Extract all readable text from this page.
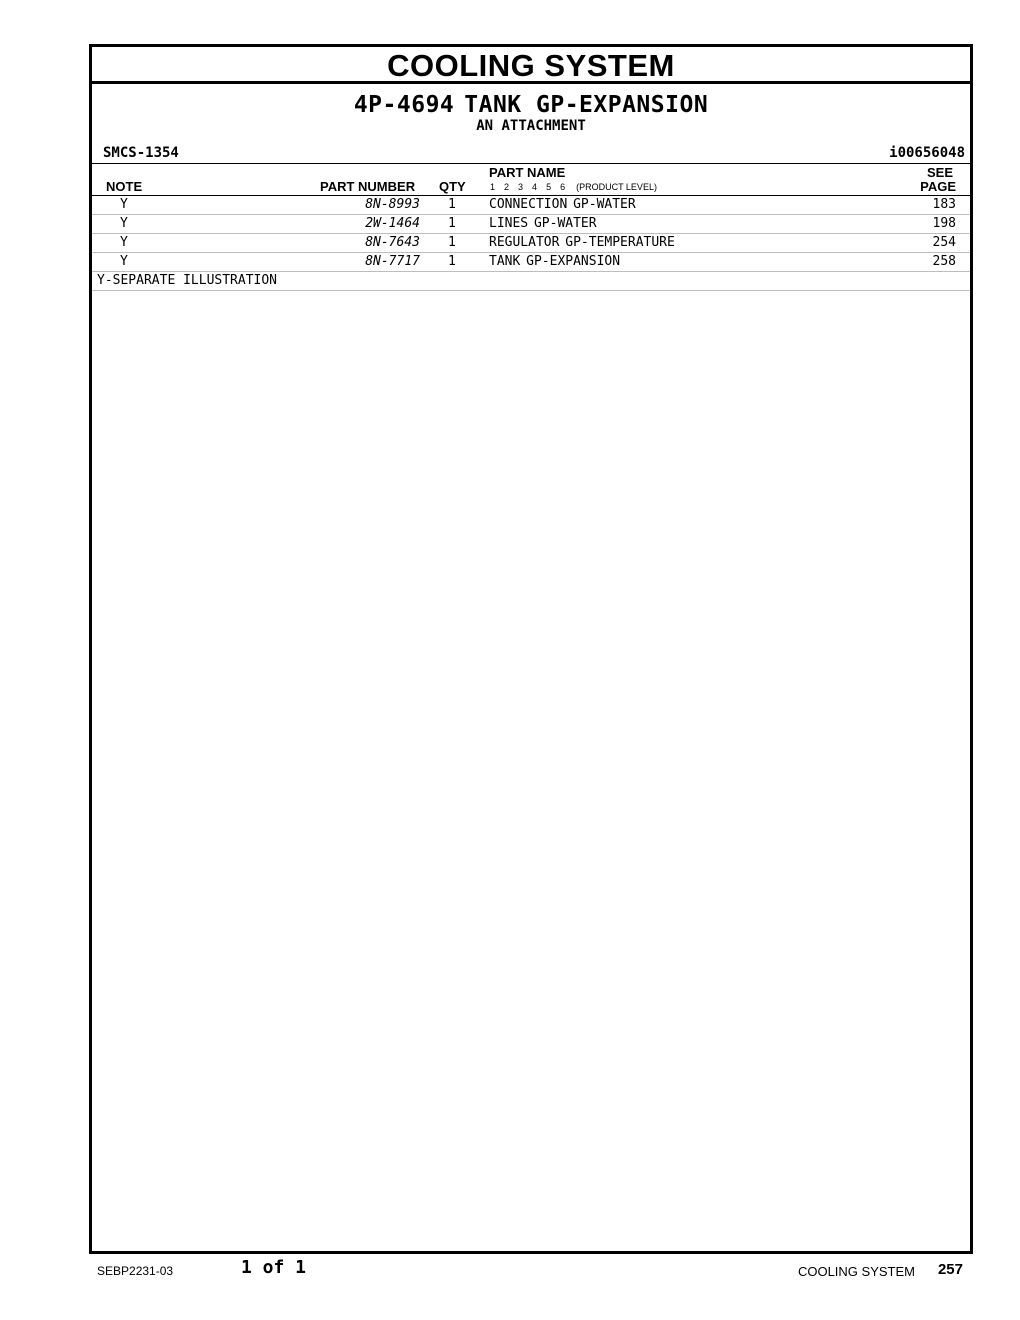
COOLING SYSTEM
4P-4694 TANK GP-EXPANSION
AN ATTACHMENT
SMCS-1354	i00656048
NOTE	PART NUMBER QTY
PART NAME
1 2 3 4 5 6 (PRODUCT LEVEL)
SEE
PAGE
Y	8N-8993 1	CONNECTION GP-WATER	183
Y	2W-1464 1	LINES GP-WATER	198
Y	8N-7643 1	REGULATOR GP-TEMPERATURE	254
Y	8N-7717 1	TANK GP-EXPANSION	258
Y-SEPARATE ILLUSTRATION
SEBP2231-03	1 of 1	COOLING SYSTEM 257
